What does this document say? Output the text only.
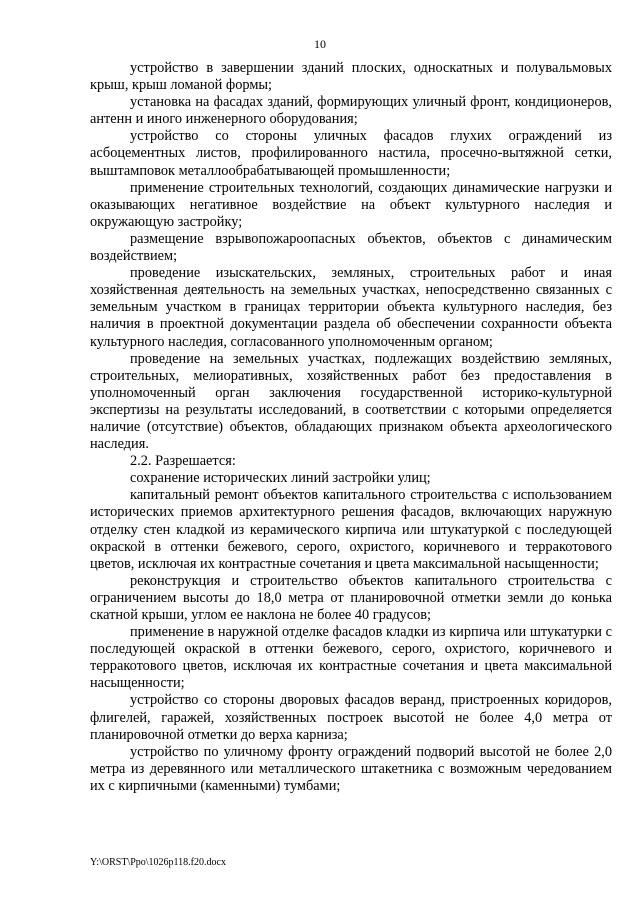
10

устройство в завершении зданий плоских, односкатных и полувальмовых крыш, крыш ломаной формы;

установка на фасадах зданий, формирующих уличный фронт, кондиционеров, антенн и иного инженерного оборудования;

устройство со стороны уличных фасадов глухих ограждений из асбоцементных листов, профилированного настила, просечно-вытяжной сетки, выштамповок металлообрабатывающей промышленности;

применение строительных технологий, создающих динамические нагрузки и оказывающих негативное воздействие на объект культурного наследия и окружающую застройку;

размещение взрывопожароопасных объектов, объектов с динамическим воздействием;

проведение изыскательских, земляных, строительных работ и иная хозяйственная деятельность на земельных участках, непосредственно связанных с земельным участком в границах территории объекта культурного наследия, без наличия в проектной документации раздела об обеспечении сохранности объекта культурного наследия, согласованного уполномоченным органом;

проведение на земельных участках, подлежащих воздействию земляных, строительных, мелиоративных, хозяйственных работ без предоставления в уполномоченный орган заключения государственной историко-культурной экспертизы на результаты исследований, в соответствии с которыми определяется наличие (отсутствие) объектов, обладающих признаком объекта археологического наследия.

2.2. Разрешается:

сохранение исторических линий застройки улиц;

капитальный ремонт объектов капитального строительства с использованием исторических приемов архитектурного решения фасадов, включающих наружную отделку стен кладкой из керамического кирпича или штукатуркой с последующей окраской в оттенки бежевого, серого, охристого, коричневого и терракотового цветов, исключая их контрастные сочетания и цвета максимальной насыщенности;

реконструкция и строительство объектов капитального строительства с ограничением высоты до 18,0 метра от планировочной отметки земли до конька скатной крыши, углом ее наклона не более 40 градусов;

применение в наружной отделке фасадов кладки из кирпича или штукатурки с последующей окраской в оттенки бежевого, серого, охристого, коричневого и терракотового цветов, исключая их контрастные сочетания и цвета максимальной насыщенности;

устройство со стороны дворовых фасадов веранд, пристроенных коридоров, флигелей, гаражей, хозяйственных построек высотой не более 4,0 метра от планировочной отметки до верха карниза;

устройство по уличному фронту ограждений подворий высотой не более 2,0 метра из деревянного или металлического штакетника с возможным чередованием их с кирпичными (каменными) тумбами;

Y:\ORST\Ppo\1026p118.f20.docx
